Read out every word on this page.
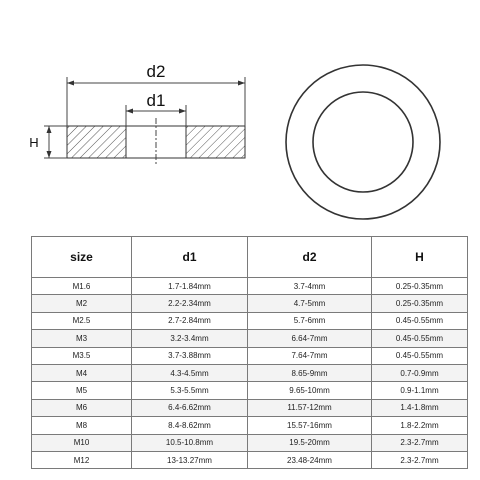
d2
d1
H
size	d1	d2	H
M1.6	1.7-1.84mm	3.7-4mm	0.25-0.35mm
M2	2.2-2.34mm	4.7-5mm	0.25-0.35mm
M2.5	2.7-2.84mm	5.7-6mm	0.45-0.55mm
M3	3.2-3.4mm	6.64-7mm	0.45-0.55mm
M3.5	3.7-3.88mm	7.64-7mm	0.45-0.55mm
M4	4.3-4.5mm	8.65-9mm	0.7-0.9mm
M5	5.3-5.5mm	9.65-10mm	0.9-1.1mm
M6	6.4-6.62mm	11.57-12mm	1.4-1.8mm
M8	8.4-8.62mm	15.57-16mm	1.8-2.2mm
M10	10.5-10.8mm	19.5-20mm	2.3-2.7mm
M12	13-13.27mm	23.48-24mm	2.3-2.7mm
